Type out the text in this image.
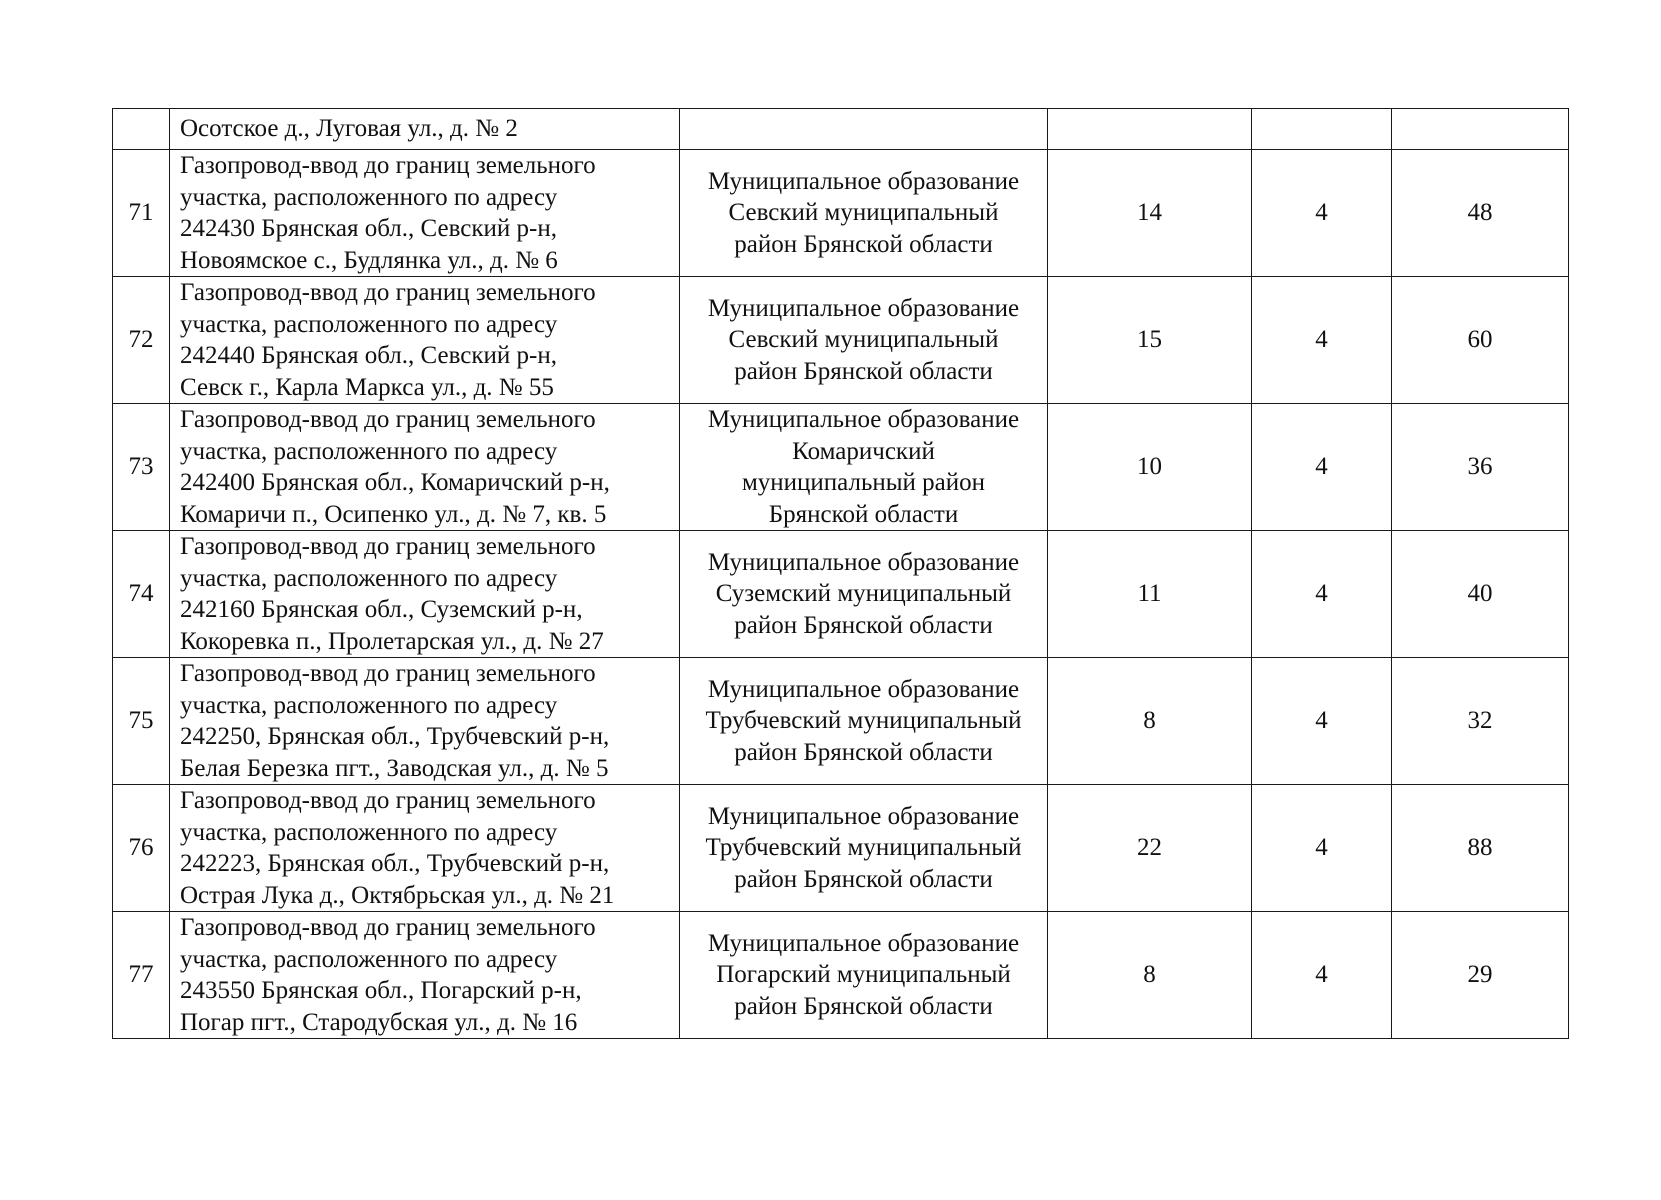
	Осотское д., Луговая ул., д. № 2				

71	Газопровод-ввод до границ земельного
участка, расположенного по адресу
242430 Брянская обл., Севский р-н,
Новоямское с., Будлянка ул., д. № 6	Муниципальное образование
Севский муниципальный
район Брянской области	14	4	48
72	Газопровод-ввод до границ земельного
участка, расположенного по адресу
242440 Брянская обл., Севский р-н,
Севск г., Карла Маркса ул., д. № 55	Муниципальное образование
Севский муниципальный
район Брянской области	15	4	60
73	Газопровод-ввод до границ земельного
участка, расположенного по адресу
242400 Брянская обл., Комаричский р-н,
Комаричи п., Осипенко ул., д. № 7, кв. 5	Муниципальное образование
Комаричский
муниципальный район
Брянской области	10	4	36
74	Газопровод-ввод до границ земельного
участка, расположенного по адресу
242160 Брянская обл., Суземский р-н,
Кокоревка п., Пролетарская ул., д. № 27	Муниципальное образование
Суземский муниципальный
район Брянской области	11	4	40
75	Газопровод-ввод до границ земельного
участка, расположенного по адресу
242250, Брянская обл., Трубчевский р-н,
Белая Березка пгт., Заводская ул., д. № 5	Муниципальное образование
Трубчевский муниципальный
район Брянской области	8	4	32
76	Газопровод-ввод до границ земельного
участка, расположенного по адресу
242223, Брянская обл., Трубчевский р-н,
Острая Лука д., Октябрьская ул., д. № 21	Муниципальное образование
Трубчевский муниципальный
район Брянской области	22	4	88
77	Газопровод-ввод до границ земельного
участка, расположенного по адресу
243550 Брянская обл., Погарский р-н,
Погар пгт., Стародубская ул., д. № 16	Муниципальное образование
Погарский муниципальный
район Брянской области	8	4	29
